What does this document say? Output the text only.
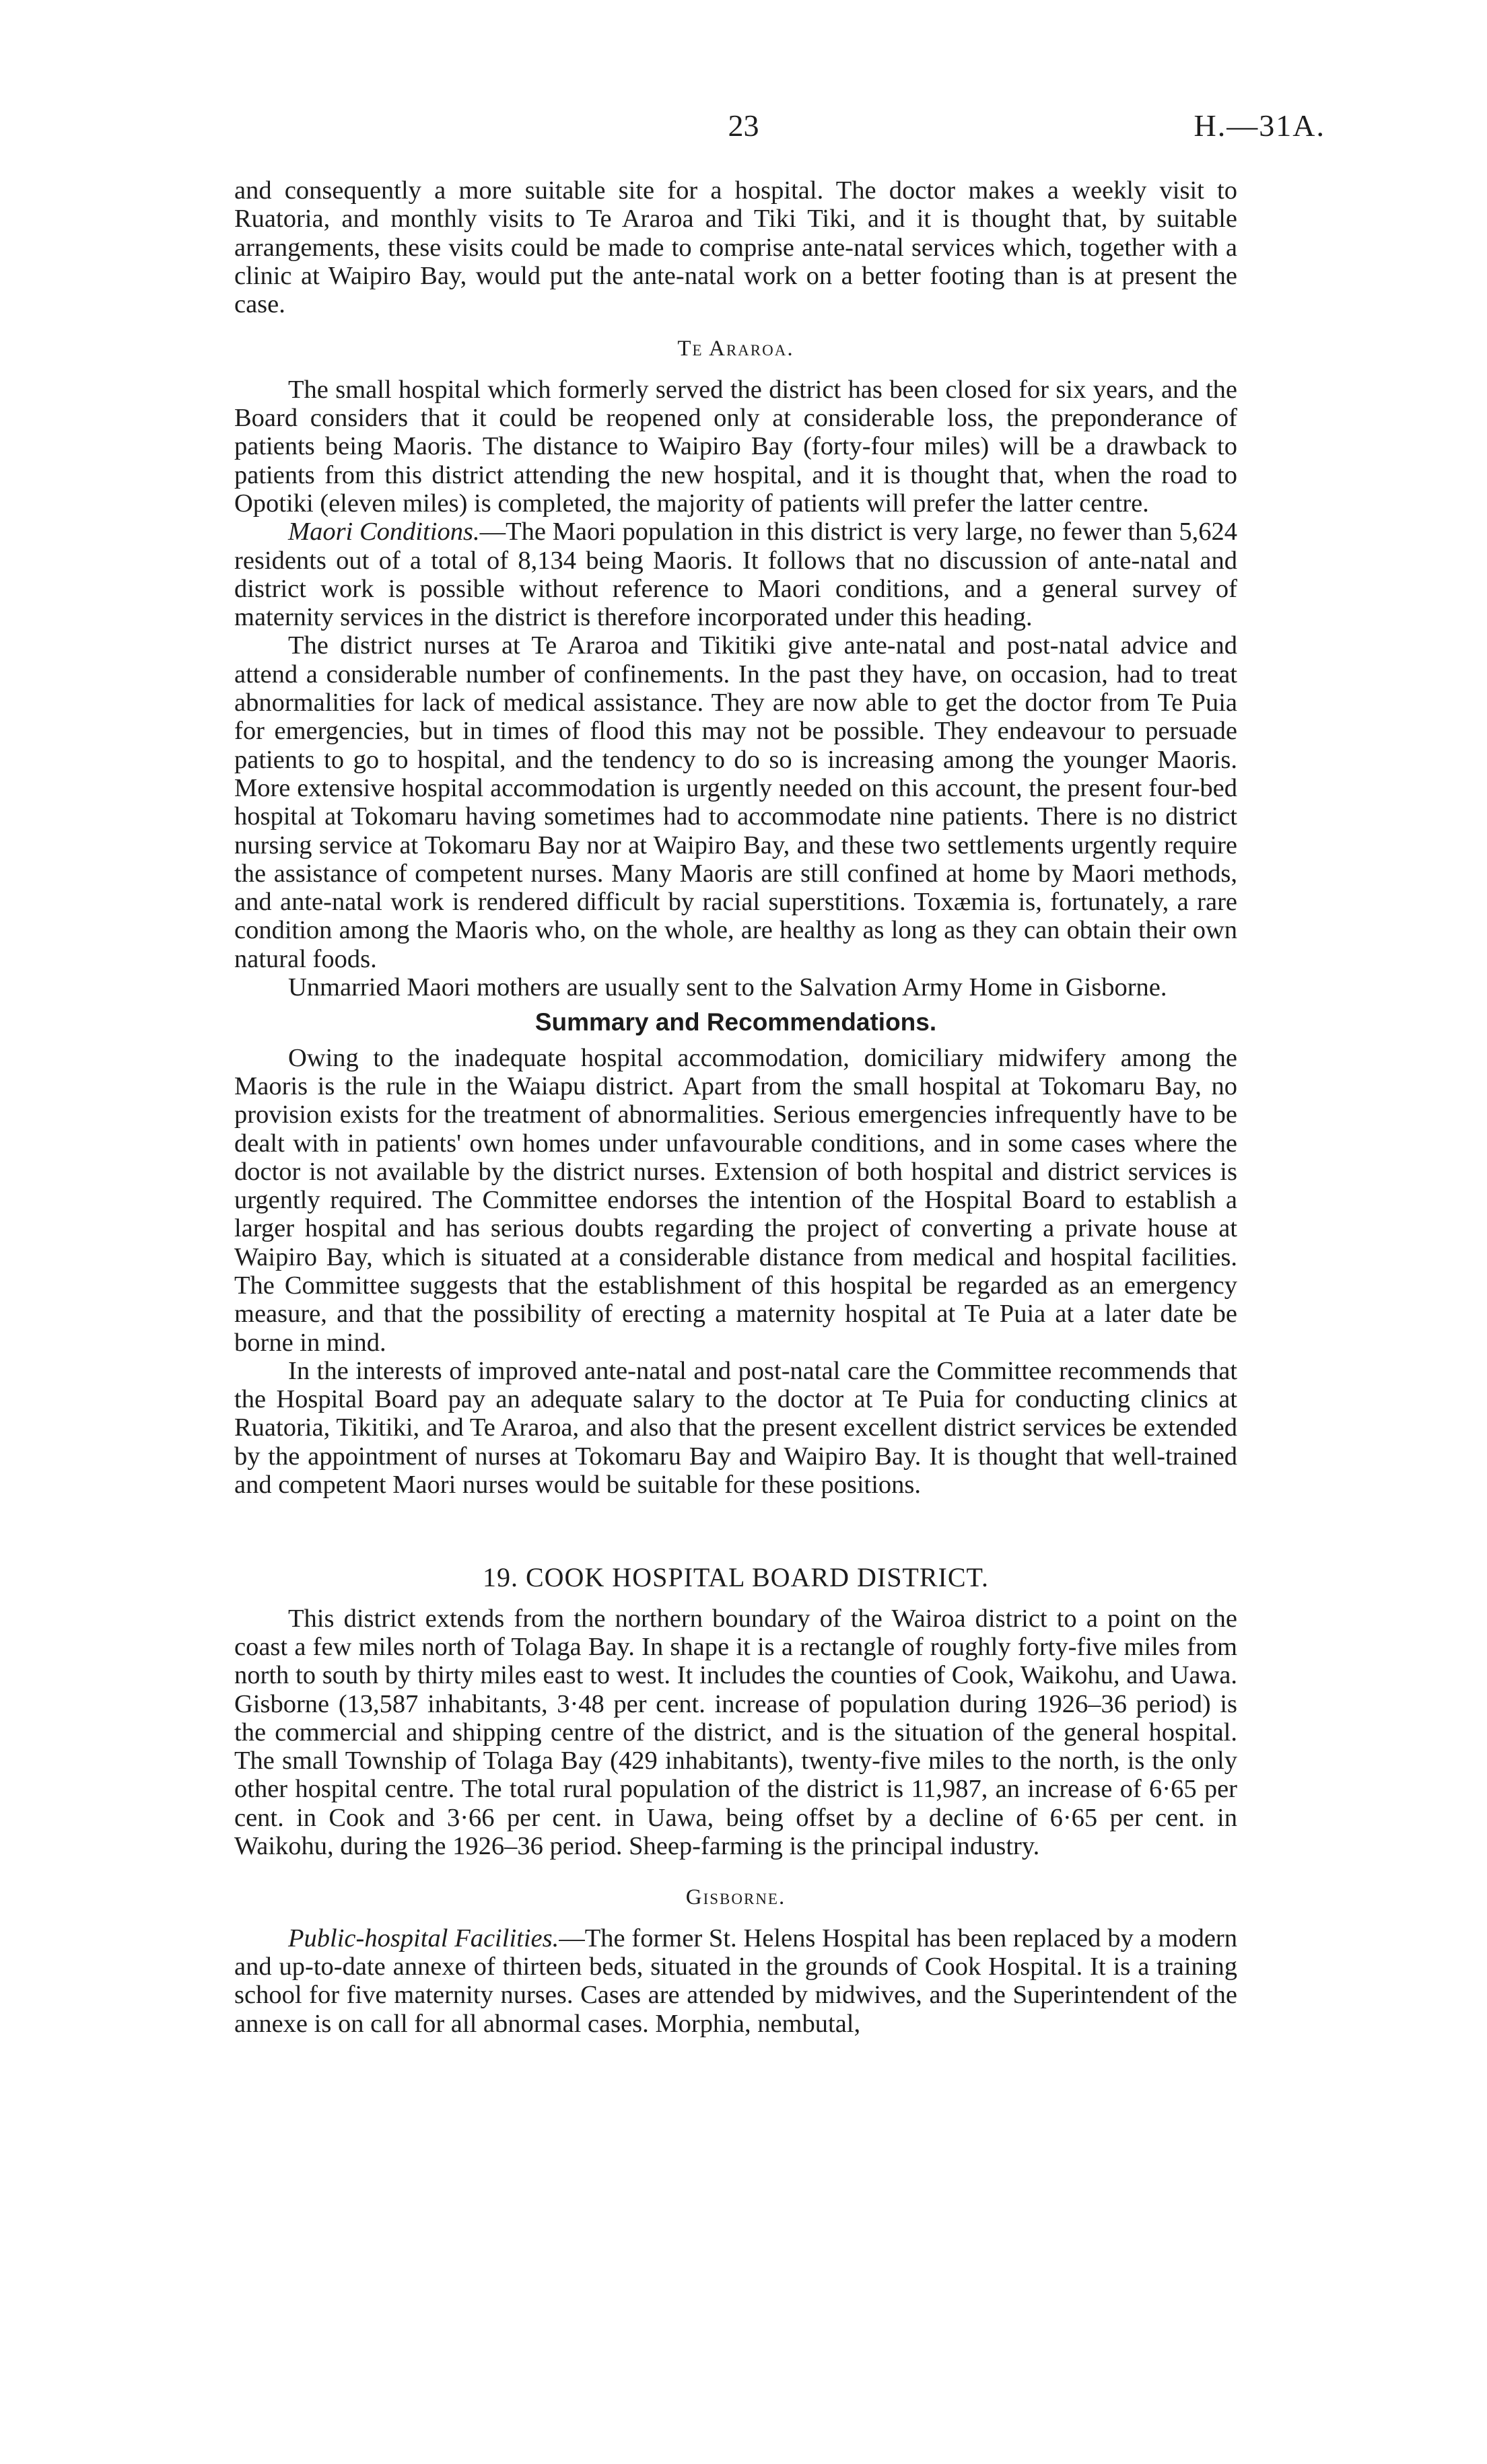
23	H.—31A.

and consequently a more suitable site for a hospital. The doctor makes a weekly visit to Ruatoria, and monthly visits to Te Araroa and Tiki Tiki, and it is thought that, by suitable arrangements, these visits could be made to comprise ante-natal services which, together with a clinic at Waipiro Bay, would put the ante-natal work on a better footing than is at present the case.

Te Araroa.

The small hospital which formerly served the district has been closed for six years, and the Board considers that it could be reopened only at considerable loss, the preponderance of patients being Maoris. The distance to Waipiro Bay (forty-four miles) will be a drawback to patients from this district attending the new hospital, and it is thought that, when the road to Opotiki (eleven miles) is completed, the majority of patients will prefer the latter centre.

Maori Conditions.—The Maori population in this district is very large, no fewer than 5,624 residents out of a total of 8,134 being Maoris. It follows that no discussion of ante-natal and district work is possible without reference to Maori conditions, and a general survey of maternity services in the district is therefore incorporated under this heading.

The district nurses at Te Araroa and Tikitiki give ante-natal and post-natal advice and attend a considerable number of confinements. In the past they have, on occasion, had to treat abnormalities for lack of medical assistance. They are now able to get the doctor from Te Puia for emergencies, but in times of flood this may not be possible. They endeavour to persuade patients to go to hospital, and the tendency to do so is increasing among the younger Maoris. More extensive hospital accommodation is urgently needed on this account, the present four-bed hospital at Tokomaru having sometimes had to accommodate nine patients. There is no district nursing service at Tokomaru Bay nor at Waipiro Bay, and these two settlements urgently require the assistance of competent nurses. Many Maoris are still confined at home by Maori methods, and ante-natal work is rendered difficult by racial superstitions. Toxæmia is, fortunately, a rare condition among the Maoris who, on the whole, are healthy as long as they can obtain their own natural foods.

Unmarried Maori mothers are usually sent to the Salvation Army Home in Gisborne.

Summary and Recommendations.

Owing to the inadequate hospital accommodation, domiciliary midwifery among the Maoris is the rule in the Waiapu district. Apart from the small hospital at Tokomaru Bay, no provision exists for the treatment of abnormalities. Serious emergencies infrequently have to be dealt with in patients' own homes under unfavourable conditions, and in some cases where the doctor is not available by the district nurses. Extension of both hospital and district services is urgently required. The Committee endorses the intention of the Hospital Board to establish a larger hospital and has serious doubts regarding the project of converting a private house at Waipiro Bay, which is situated at a considerable distance from medical and hospital facilities. The Committee suggests that the establishment of this hospital be regarded as an emergency measure, and that the possibility of erecting a maternity hospital at Te Puia at a later date be borne in mind.

In the interests of improved ante-natal and post-natal care the Committee recommends that the Hospital Board pay an adequate salary to the doctor at Te Puia for conducting clinics at Ruatoria, Tikitiki, and Te Araroa, and also that the present excellent district services be extended by the appointment of nurses at Tokomaru Bay and Waipiro Bay. It is thought that well-trained and competent Maori nurses would be suitable for these positions.

19. COOK HOSPITAL BOARD DISTRICT.

This district extends from the northern boundary of the Wairoa district to a point on the coast a few miles north of Tolaga Bay. In shape it is a rectangle of roughly forty-five miles from north to south by thirty miles east to west. It includes the counties of Cook, Waikohu, and Uawa. Gisborne (13,587 inhabitants, 3·48 per cent. increase of population during 1926–36 period) is the commercial and shipping centre of the district, and is the situation of the general hospital. The small Township of Tolaga Bay (429 inhabitants), twenty-five miles to the north, is the only other hospital centre. The total rural population of the district is 11,987, an increase of 6·65 per cent. in Cook and 3·66 per cent. in Uawa, being offset by a decline of 6·65 per cent. in Waikohu, during the 1926–36 period. Sheep-farming is the principal industry.

Gisborne.

Public-hospital Facilities.—The former St. Helens Hospital has been replaced by a modern and up-to-date annexe of thirteen beds, situated in the grounds of Cook Hospital. It is a training school for five maternity nurses. Cases are attended by midwives, and the Superintendent of the annexe is on call for all abnormal cases. Morphia, nembutal,
